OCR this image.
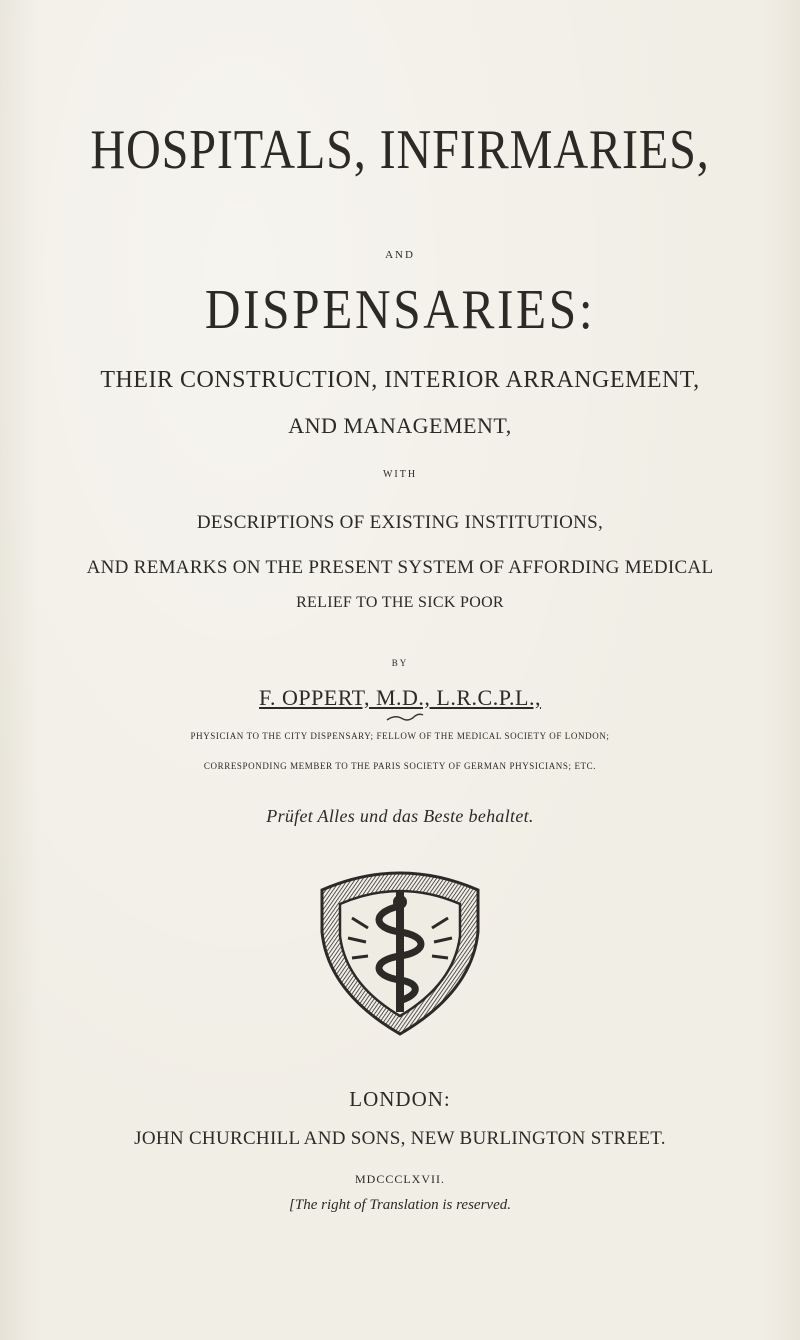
HOSPITALS, INFIRMARIES,
AND
DISPENSARIES:
THEIR CONSTRUCTION, INTERIOR ARRANGEMENT,
AND MANAGEMENT,
WITH
DESCRIPTIONS OF EXISTING INSTITUTIONS,
AND REMARKS ON THE PRESENT SYSTEM OF AFFORDING MEDICAL
RELIEF TO THE SICK POOR
BY
F. OPPERT, M.D., L.R.C.P.L.,
PHYSICIAN TO THE CITY DISPENSARY; FELLOW OF THE MEDICAL SOCIETY OF LONDON;
CORRESPONDING MEMBER TO THE PARIS SOCIETY OF GERMAN PHYSICIANS; ETC.
Prüfet Alles und das Beste behaltet.
LONDON:
JOHN CHURCHILL AND SONS, NEW BURLINGTON STREET.
MDCCCLXVII.
[The right of Translation is reserved.
